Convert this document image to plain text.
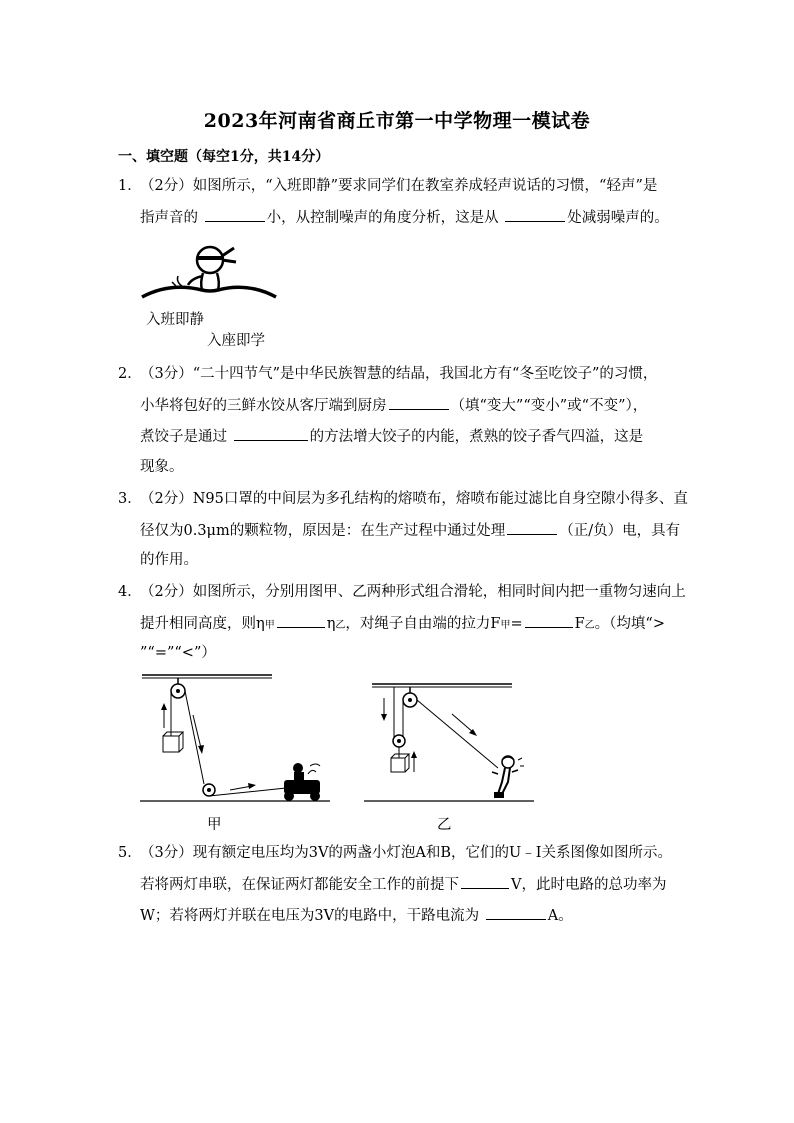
2023年河南省商丘市第一中学物理一模试卷
一、填空题（每空1分，共14分）
1．
（2分）如图所示，“入班即静”要求同学们在教室养成轻声说话的习惯，“轻声”是
指声音的	小，从控制噪声的角度分析，这是从	处减弱噪声的。
入班即静
入座即学
2．
（3分）“二十四节气”是中华民族智慧的结晶，我国北方有“冬至吃饺子”的习惯，
小华将包好的三鲜水饺从客厅端到厨房	（填“变大”“变小”或“不变”），
煮饺子是通过	的方法增大饺子的内能，煮熟的饺子香气四溢，这是
现象。
3．
（2分）N95口罩的中间层为多孔结构的熔喷布，熔喷布能过滤比自身空隙小得多、直
径仅为0.3μm的颗粒物，原因是：在生产过程中通过处理	（正/负）电，具有
的作用。
4．
（2分）如图所示，分别用图甲、乙两种形式组合滑轮，相同时间内把一重物匀速向上
提升相同高度，则η甲	η乙，对绳子自由端的拉力F甲=	F乙。（均填“>
”“=”“<”）
甲	乙
5．
（3分）现有额定电压均为3V的两盏小灯泡A和B，它们的U﹣I关系图像如图所示。
若将两灯串联，在保证两灯都能安全工作的前提下	V，此时电路的总功率为
W；若将两灯并联在电压为3V的电路中，干路电流为	A。
